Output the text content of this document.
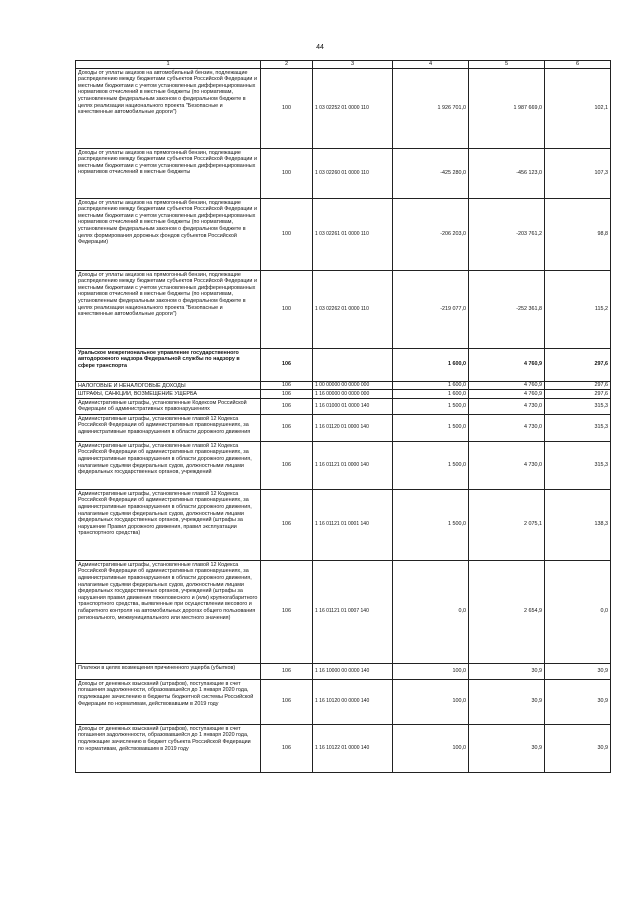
44
1	2	3	4	5	6
Доходы от уплаты акцизов на автомобильный бензин, подлежащие распределению между бюджетами субъектов Российской Федерации и местными бюджетами с учетом установленных дифференцированных нормативов отчислений в местные бюджеты (по нормативам, установленным федеральным законом о федеральном бюджете в целях реализации национального проекта "Безопасные и качественные автомобильные дороги")	100	1 03 02252 01 0000 110	1 926 701,0	1 987 669,0	102,1
Доходы от уплаты акцизов на прямогонный бензин, подлежащие распределению между бюджетами субъектов Российской Федерации и местными бюджетами с учетом установленных дифференцированных нормативов отчислений в местные бюджеты	100	1 03 02260 01 0000 110	-425 280,0	-456 123,0	107,3
Доходы от уплаты акцизов на прямогонный бензин, подлежащие распределению между бюджетами субъектов Российской Федерации и местными бюджетами с учетом установленных дифференцированных нормативов отчислений в местные бюджеты (по нормативам, установленным федеральным законом о федеральном бюджете в целях формирования дорожных фондов субъектов Российской Федерации)	100	1 03 02261 01 0000 110	-206 203,0	-203 761,2	98,8
Доходы от уплаты акцизов на прямогонный бензин, подлежащие распределению между бюджетами субъектов Российской Федерации и местными бюджетами с учетом установленных дифференцированных нормативов отчислений в местные бюджеты (по нормативам, установленным федеральным законом о федеральном бюджете в целях реализации национального проекта "Безопасные и качественные автомобильные дороги")	100	1 03 02262 01 0000 110	-219 077,0	-252 361,8	115,2
Уральское межрегиональное управление государственного автодорожного надзора Федеральной службы по надзору в сфере транспорта	106		1 600,0	4 760,9	297,6
НАЛОГОВЫЕ И НЕНАЛОГОВЫЕ ДОХОДЫ	106	1 00 00000 00 0000 000	1 600,0	4 760,9	297,6
ШТРАФЫ, САНКЦИИ, ВОЗМЕЩЕНИЕ УЩЕРБА	106	1 16 00000 00 0000 000	1 600,0	4 760,9	297,6
Административные штрафы, установленные Кодексом Российской Федерации об административных правонарушениях	106	1 16 01000 01 0000 140	1 500,0	4 730,0	315,3
Административные штрафы, установленные главой 12 Кодекса Российской Федерации об административных правонарушениях, за административные правонарушения в области дорожного движения	106	1 16 01120 01 0000 140	1 500,0	4 730,0	315,3
Административные штрафы, установленные главой 12 Кодекса Российской Федерации об административных правонарушениях, за административные правонарушения в области дорожного движения, налагаемые судьями федеральных судов, должностными лицами федеральных государственных органов, учреждений	106	1 16 01121 01 0000 140	1 500,0	4 730,0	315,3
Административные штрафы, установленные главой 12 Кодекса Российской Федерации об административных правонарушениях, за административные правонарушения в области дорожного движения, налагаемые судьями федеральных судов, должностными лицами федеральных государственных органов, учреждений (штрафы за нарушение Правил дорожного движения, правил эксплуатации транспортного средства)	106	1 16 01121 01 0001 140	1 500,0	2 075,1	138,3
Административные штрафы, установленные главой 12 Кодекса Российской Федерации об административных правонарушениях, за административные правонарушения в области дорожного движения, налагаемые судьями федеральных судов, должностными лицами федеральных государственных органов, учреждений (штрафы за нарушения правил движения тяжеловесного и (или) крупногабаритного транспортного средства, выявленные при осуществлении весового и габаритного контроля на автомобильных дорогах общего пользования регионального, межмуниципального или местного значения)	106	1 16 01121 01 0007 140	0,0	2 654,9	0,0
Платежи в целях возмещения причиненного ущерба (убытков)	106	1 16 10000 00 0000 140	100,0	30,9	30,9
Доходы от денежных взысканий (штрафов), поступающие в счет погашения задолженности, образовавшейся до 1 января 2020 года, подлежащие зачислению в бюджеты бюджетной системы Российской Федерации по нормативам, действовавшим в 2019 году	106	1 16 10120 00 0000 140	100,0	30,9	30,9
Доходы от денежных взысканий (штрафов), поступающие в счет погашения задолженности, образовавшейся до 1 января 2020 года, подлежащие зачислению в бюджет субъекта Российской Федерации по нормативам, действовавшим в 2019 году	106	1 16 10122 01 0000 140	100,0	30,9	30,9
